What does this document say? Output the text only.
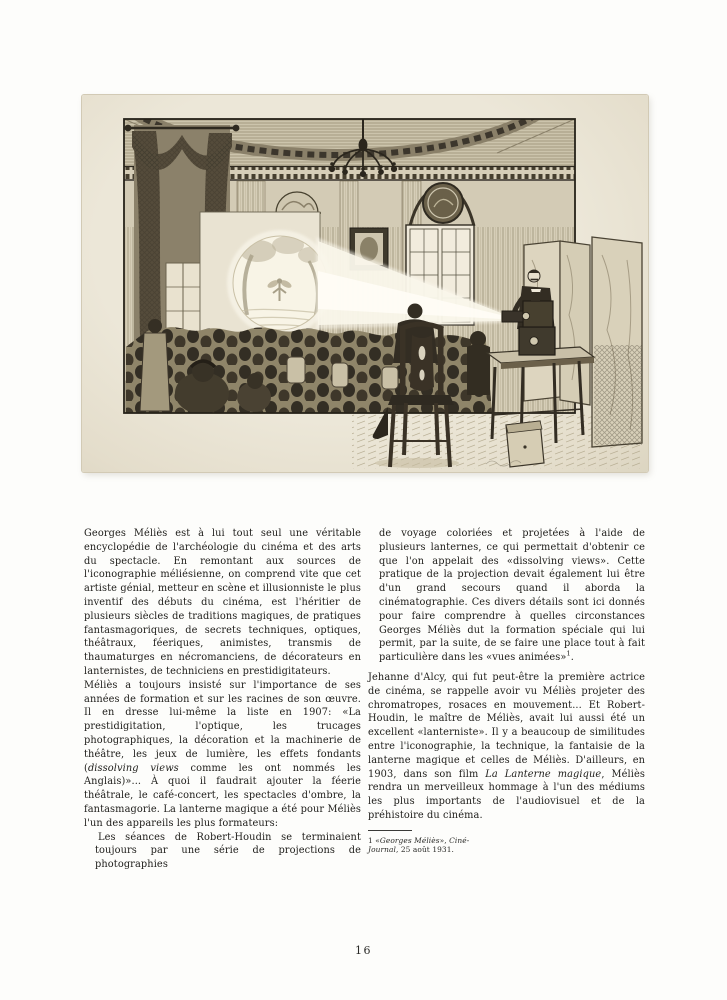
Georges Méliès est à lui tout seul une véritable encyclopédie de l'archéologie du cinéma et des arts du spectacle. En remontant aux sources de l'iconographie méliésienne, on comprend vite que cet artiste génial, metteur en scène et illusionniste le plus inventif des débuts du cinéma, est l'héritier de plusieurs siècles de traditions magiques, de pratiques fantasmagoriques, de secrets techniques, optiques, théâtraux, féeriques, animistes, transmis de thaumaturges en nécromanciens, de décorateurs en lanternistes, de techniciens en prestidigitateurs.

Méliès a toujours insisté sur l'importance de ses années de formation et sur les racines de son œuvre. Il en dresse lui-même la liste en 1907: «La prestidigitation, l'optique, les trucages photographiques, la décoration et la machinerie de théâtre, les jeux de lumière, les effets fondants (dissolving views comme les ont nommés les Anglais)»... À quoi il faudrait ajouter la féerie théâtrale, le café-concert, les spectacles d'ombre, la fantasmagorie. La lanterne magique a été pour Méliès l'un des appareils les plus formateurs:

Les séances de Robert-Houdin se terminaient toujours par une série de projections de photographies

de voyage coloriées et projetées à l'aide de plusieurs lanternes, ce qui permettait d'obtenir ce que l'on appelait des «dissolving views». Cette pratique de la projection devait également lui être d'un grand secours quand il aborda la cinématographie. Ces divers détails sont ici donnés pour faire comprendre à quelles circonstances Georges Méliès dut la formation spéciale qui lui permit, par la suite, de se faire une place tout à fait particulière dans les «vues animées»$^1$.

Jehanne d'Alcy, qui fut peut-être la première actrice de cinéma, se rappelle avoir vu Méliès projeter des chromatropes, rosaces en mouvement... Et Robert-Houdin, le maître de Méliès, avait lui aussi été un excellent «lanterniste». Il y a beaucoup de similitudes entre l'iconographie, la technique, la fantaisie de la lanterne magique et celles de Méliès. D'ailleurs, en 1903, dans son film La Lanterne magique, Méliès rendra un merveilleux hommage à l'un des médiums les plus importants de l'audiovisuel et de la préhistoire du cinéma.

1 «Georges Méliès», Ciné-Journal, 25 août 1931.
16
